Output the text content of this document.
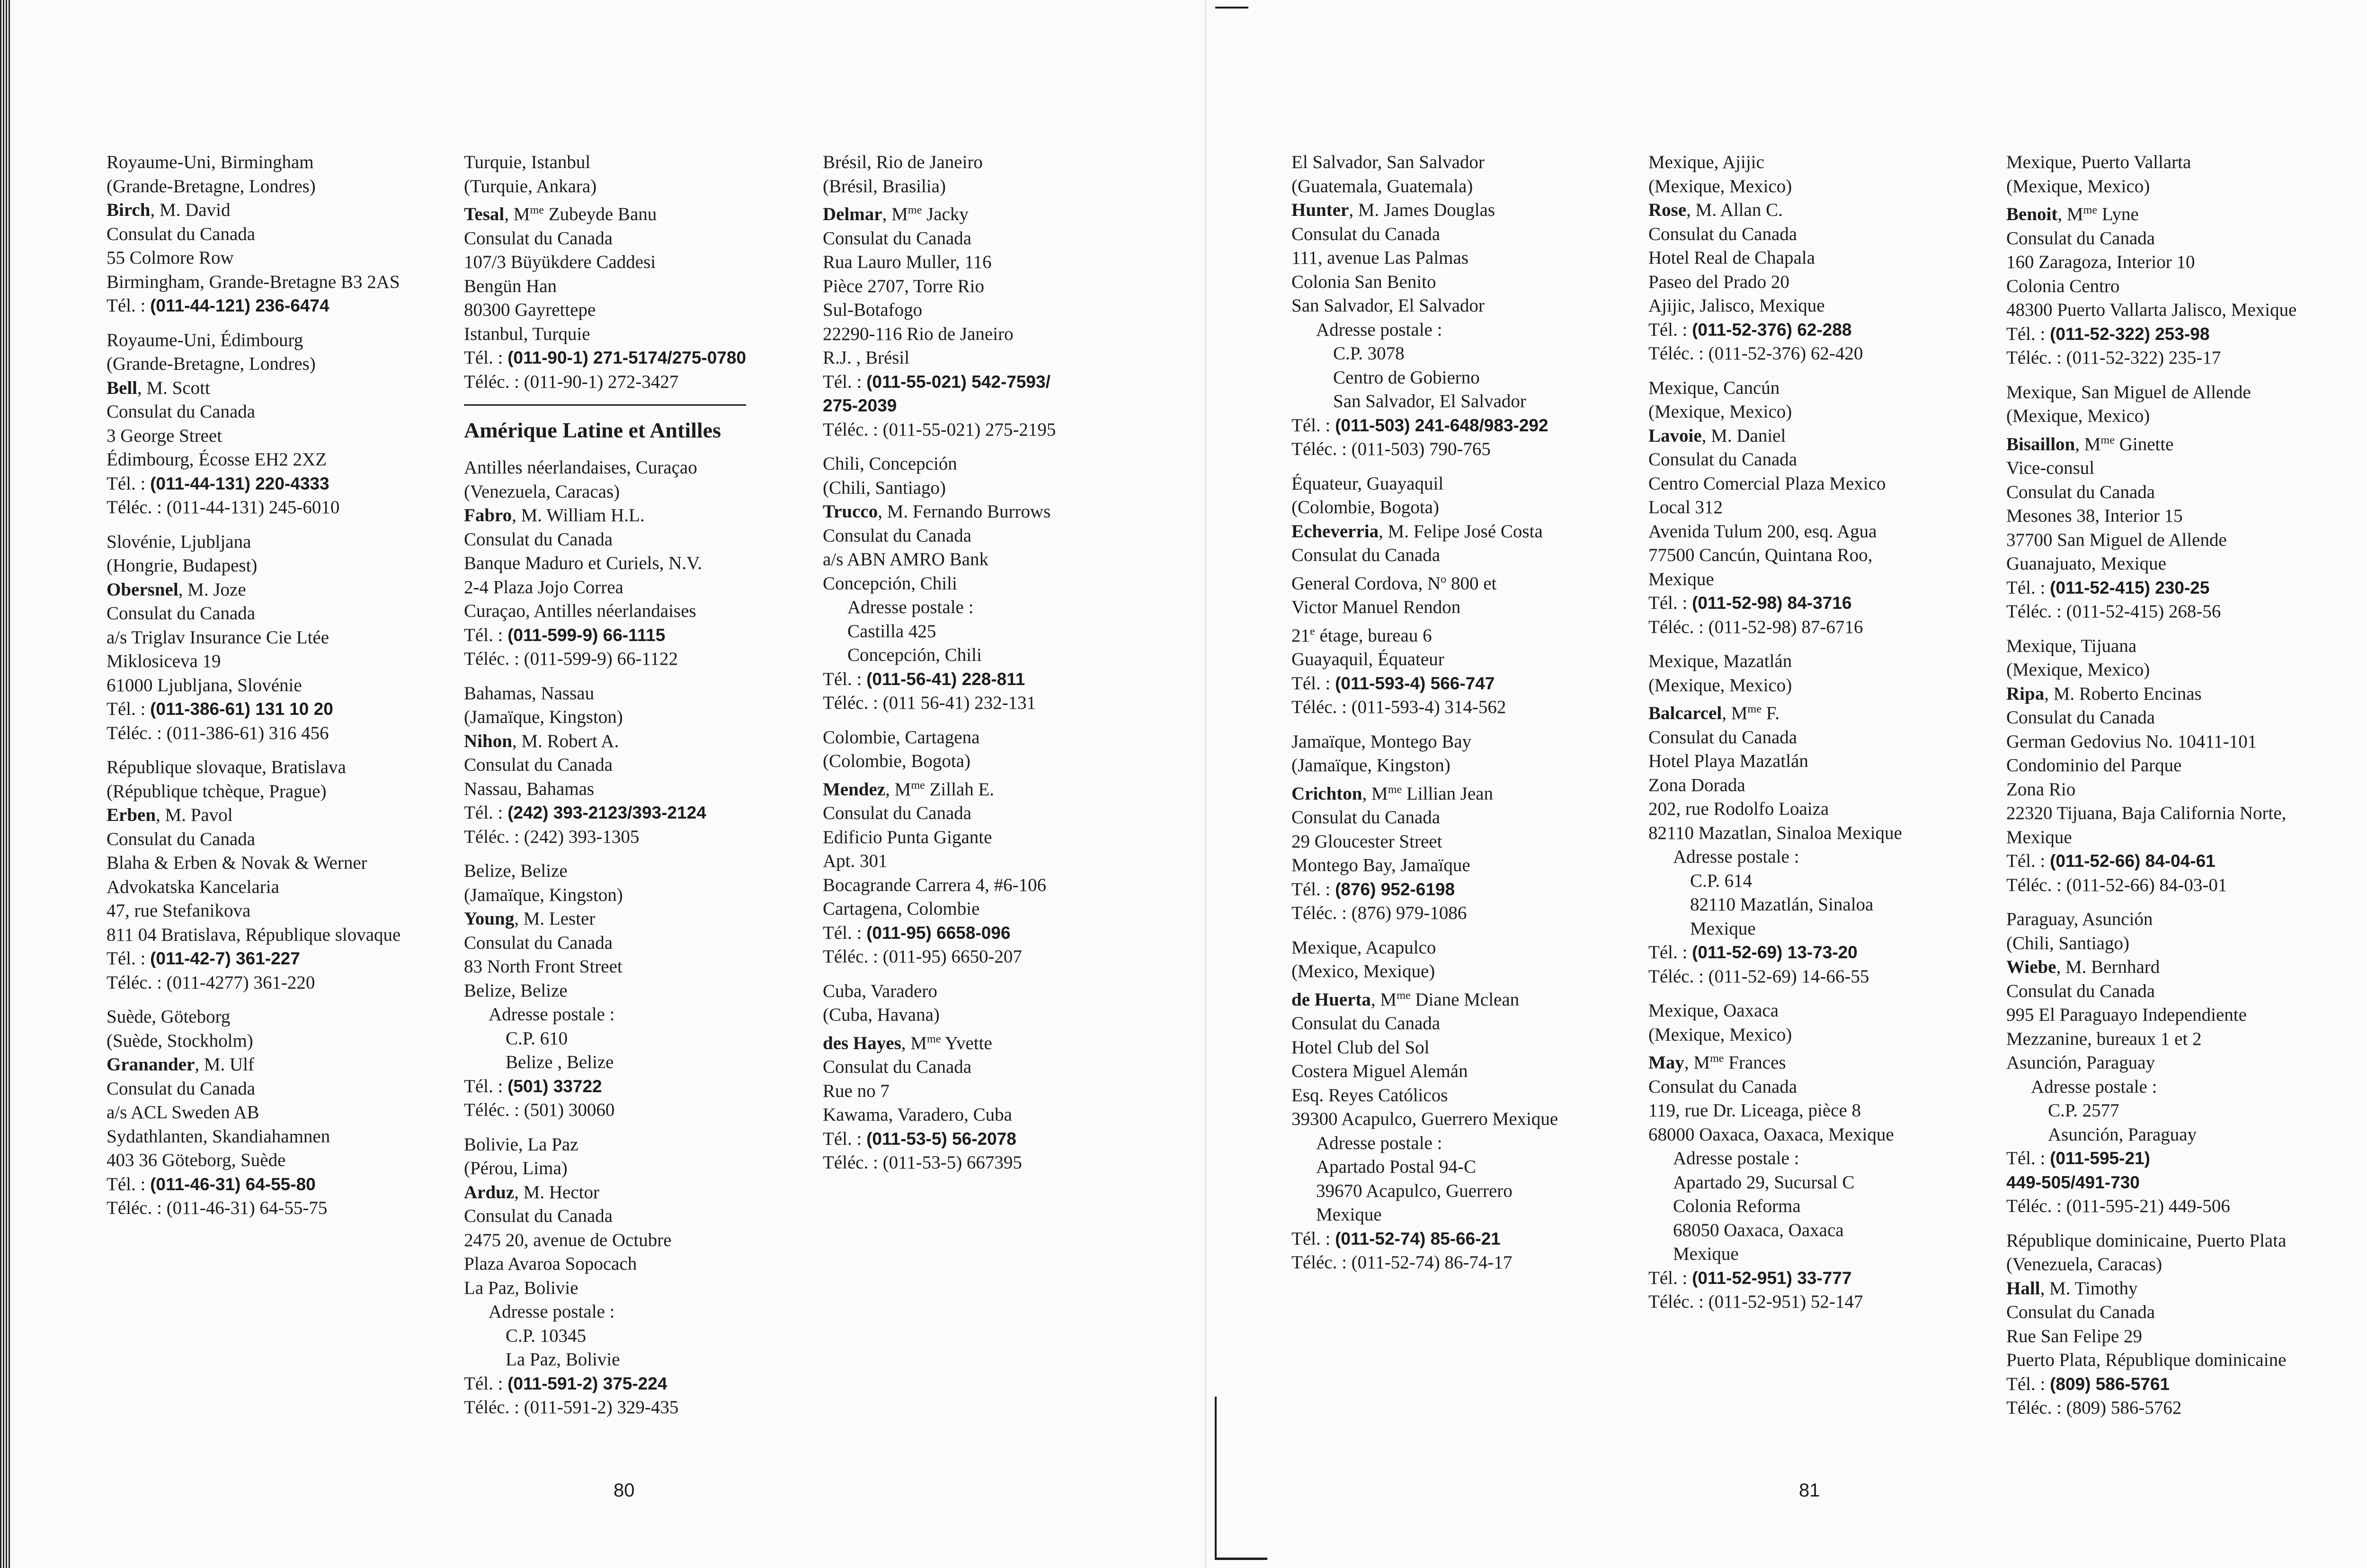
Royaume-Uni, Birmingham
(Grande-Bretagne, Londres)
Birch, M. David
Consulat du Canada
55 Colmore Row
Birmingham, Grande-Bretagne B3 2AS
Tél. : (011-44-121) 236-6474
Royaume-Uni, Édimbourg
(Grande-Bretagne, Londres)
Bell, M. Scott
Consulat du Canada
3 George Street
Édimbourg, Écosse EH2 2XZ
Tél. : (011-44-131) 220-4333
Téléc. : (011-44-131) 245-6010
Slovénie, Ljubljana
(Hongrie, Budapest)
Obersnel, M. Joze
Consulat du Canada
a/s Triglav Insurance Cie Ltée
Miklosiceva 19
61000 Ljubljana, Slovénie
Tél. : (011-386-61) 131 10 20
Téléc. : (011-386-61) 316 456
République slovaque, Bratislava
(République tchèque, Prague)
Erben, M. Pavol
Consulat du Canada
Blaha & Erben & Novak & Werner
Advokatska Kancelaria
47, rue Stefanikova
811 04 Bratislava, République slovaque
Tél. : (011-42-7) 361-227
Téléc. : (011-4277) 361-220
Suède, Göteborg
(Suède, Stockholm)
Granander, M. Ulf
Consulat du Canada
a/s ACL Sweden AB
Sydathlanten, Skandiahamnen
403 36 Göteborg, Suède
Tél. : (011-46-31) 64-55-80
Téléc. : (011-46-31) 64-55-75
Turquie, Istanbul
(Turquie, Ankara)
Tesal, $M^{me}$ Zubeyde Banu
Consulat du Canada
107/3 Büyükdere Caddesi
Bengün Han
80300 Gayrettepe
Istanbul, Turquie
Tél. : (011-90-1) 271-5174/275-0780
Téléc. : (011-90-1) 272-3427
Amérique Latine et Antilles
Antilles néerlandaises, Curaçao
(Venezuela, Caracas)
Fabro, M. William H.L.
Consulat du Canada
Banque Maduro et Curiels, N.V.
2-4 Plaza Jojo Correa
Curaçao, Antilles néerlandaises
Tél. : (011-599-9) 66-1115
Téléc. : (011-599-9) 66-1122
Bahamas, Nassau
(Jamaïque, Kingston)
Nihon, M. Robert A.
Consulat du Canada
Nassau, Bahamas
Tél. : (242) 393-2123/393-2124
Téléc. : (242) 393-1305
Belize, Belize
(Jamaïque, Kingston)
Young, M. Lester
Consulat du Canada
83 North Front Street
Belize, Belize
Adresse postale :
C.P. 610
Belize , Belize
Tél. : (501) 33722
Téléc. : (501) 30060
Bolivie, La Paz
(Pérou, Lima)
Arduz, M. Hector
Consulat du Canada
2475 20, avenue de Octubre
Plaza Avaroa Sopocach
La Paz, Bolivie
Adresse postale :
C.P. 10345
La Paz, Bolivie
Tél. : (011-591-2) 375-224
Téléc. : (011-591-2) 329-435
Brésil, Rio de Janeiro
(Brésil, Brasilia)
Delmar, $M^{me}$ Jacky
Consulat du Canada
Rua Lauro Muller, 116
Pièce 2707, Torre Rio
Sul-Botafogo
22290-116 Rio de Janeiro
R.J. , Brésil
Tél. : (011-55-021) 542-7593/
275-2039
Téléc. : (011-55-021) 275-2195
Chili, Concepción
(Chili, Santiago)
Trucco, M. Fernando Burrows
Consulat du Canada
a/s ABN AMRO Bank
Concepción, Chili
Adresse postale :
Castilla 425
Concepción, Chili
Tél. : (011-56-41) 228-811
Téléc. : (011 56-41) 232-131
Colombie, Cartagena
(Colombie, Bogota)
Mendez, $M^{me}$ Zillah E.
Consulat du Canada
Edificio Punta Gigante
Apt. 301
Bocagrande Carrera 4, #6-106
Cartagena, Colombie
Tél. : (011-95) 6658-096
Téléc. : (011-95) 6650-207
Cuba, Varadero
(Cuba, Havana)
des Hayes, $M^{me}$ Yvette
Consulat du Canada
Rue no 7
Kawama, Varadero, Cuba
Tél. : (011-53-5) 56-2078
Téléc. : (011-53-5) 667395
El Salvador, San Salvador
(Guatemala, Guatemala)
Hunter, M. James Douglas
Consulat du Canada
111, avenue Las Palmas
Colonia San Benito
San Salvador, El Salvador
Adresse postale :
C.P. 3078
Centro de Gobierno
San Salvador, El Salvador
Tél. : (011-503) 241-648/983-292
Téléc. : (011-503) 790-765
Équateur, Guayaquil
(Colombie, Bogota)
Echeverria, M. Felipe José Costa
Consulat du Canada
General Cordova, $N^o$ 800 et
Victor Manuel Rendon
21e étage, bureau 6
Guayaquil, Équateur
Tél. : (011-593-4) 566-747
Téléc. : (011-593-4) 314-562
Jamaïque, Montego Bay
(Jamaïque, Kingston)
Crichton, $M^{me}$ Lillian Jean
Consulat du Canada
29 Gloucester Street
Montego Bay, Jamaïque
Tél. : (876) 952-6198
Téléc. : (876) 979-1086
Mexique, Acapulco
(Mexico, Mexique)
de Huerta, $M^{me}$ Diane Mclean
Consulat du Canada
Hotel Club del Sol
Costera Miguel Alemán
Esq. Reyes Católicos
39300 Acapulco, Guerrero Mexique
Adresse postale :
Apartado Postal 94-C
39670 Acapulco, Guerrero
Mexique
Tél. : (011-52-74) 85-66-21
Téléc. : (011-52-74) 86-74-17
Mexique, Ajijic
(Mexique, Mexico)
Rose, M. Allan C.
Consulat du Canada
Hotel Real de Chapala
Paseo del Prado 20
Ajijic, Jalisco, Mexique
Tél. : (011-52-376) 62-288
Téléc. : (011-52-376) 62-420
Mexique, Cancún
(Mexique, Mexico)
Lavoie, M. Daniel
Consulat du Canada
Centro Comercial Plaza Mexico
Local 312
Avenida Tulum 200, esq. Agua
77500 Cancún, Quintana Roo,
Mexique
Tél. : (011-52-98) 84-3716
Téléc. : (011-52-98) 87-6716
Mexique, Mazatlán
(Mexique, Mexico)
Balcarcel, $M^{me}$ F.
Consulat du Canada
Hotel Playa Mazatlán
Zona Dorada
202, rue Rodolfo Loaiza
82110 Mazatlan, Sinaloa Mexique
Adresse postale :
C.P. 614
82110 Mazatlán, Sinaloa
Mexique
Tél. : (011-52-69) 13-73-20
Téléc. : (011-52-69) 14-66-55
Mexique, Oaxaca
(Mexique, Mexico)
May, $M^{me}$ Frances
Consulat du Canada
119, rue Dr. Liceaga, pièce 8
68000 Oaxaca, Oaxaca, Mexique
Adresse postale :
Apartado 29, Sucursal C
Colonia Reforma
68050 Oaxaca, Oaxaca
Mexique
Tél. : (011-52-951) 33-777
Téléc. : (011-52-951) 52-147
Mexique, Puerto Vallarta
(Mexique, Mexico)
Benoit, $M^{me}$ Lyne
Consulat du Canada
160 Zaragoza, Interior 10
Colonia Centro
48300 Puerto Vallarta Jalisco, Mexique
Tél. : (011-52-322) 253-98
Téléc. : (011-52-322) 235-17
Mexique, San Miguel de Allende
(Mexique, Mexico)
Bisaillon, $M^{me}$ Ginette
Vice-consul
Consulat du Canada
Mesones 38, Interior 15
37700 San Miguel de Allende
Guanajuato, Mexique
Tél. : (011-52-415) 230-25
Téléc. : (011-52-415) 268-56
Mexique, Tijuana
(Mexique, Mexico)
Ripa, M. Roberto Encinas
Consulat du Canada
German Gedovius No. 10411-101
Condominio del Parque
Zona Rio
22320 Tijuana, Baja California Norte,
Mexique
Tél. : (011-52-66) 84-04-61
Téléc. : (011-52-66) 84-03-01
Paraguay, Asunción
(Chili, Santiago)
Wiebe, M. Bernhard
Consulat du Canada
995 El Paraguayo Independiente
Mezzanine, bureaux 1 et 2
Asunción, Paraguay
Adresse postale :
C.P. 2577
Asunción, Paraguay
Tél. : (011-595-21)
449-505/491-730
Téléc. : (011-595-21) 449-506
République dominicaine, Puerto Plata
(Venezuela, Caracas)
Hall, M. Timothy
Consulat du Canada
Rue San Felipe 29
Puerto Plata, République dominicaine
Tél. : (809) 586-5761
Téléc. : (809) 586-5762
80	81
